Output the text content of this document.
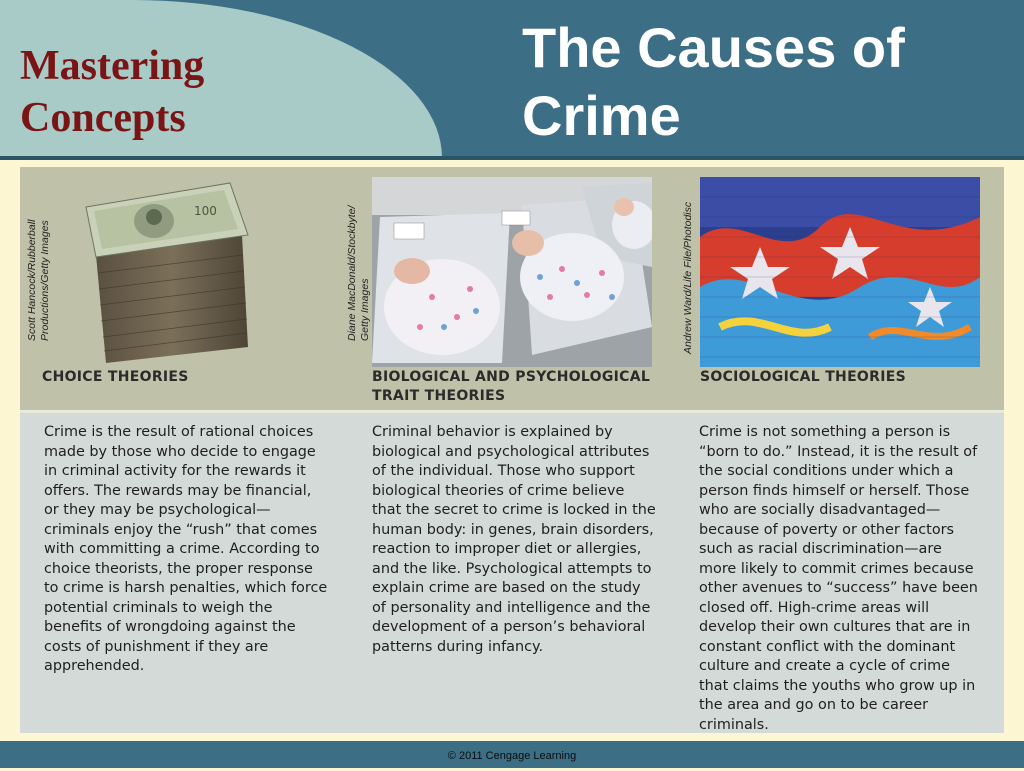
Mastering Concepts
The Causes of Crime
Scott Hancock/Rubberball
Productions/Getty Images
100
CHOICE THEORIES
Diane MacDonald/Stockbyte/
Getty Images
BIOLOGICAL AND PSYCHOLOGICAL
TRAIT THEORIES
Andrew Ward/Life File/Photodisc
SOCIOLOGICAL THEORIES
Crime is the result of rational choices made by those who decide to engage in criminal activity for the rewards it offers. The rewards may be financial, or they may be psychological—criminals enjoy the “rush” that comes with committing a crime. According to choice theorists, the proper response to crime is harsh penalties, which force potential criminals to weigh the benefits of wrongdoing against the costs of punishment if they are apprehended.
Criminal behavior is explained by biological and psychological attributes of the individual. Those who support biological theories of crime believe that the secret to crime is locked in the human body: in genes, brain disorders, reaction to improper diet or allergies, and the like. Psychological attempts to explain crime are based on the study of personality and intelligence and the development of a person’s behavioral patterns during infancy.
Crime is not something a person is “born to do.” Instead, it is the result of the social conditions under which a person finds himself or herself. Those who are socially disadvantaged—because of poverty or other factors such as racial discrimination—are more likely to commit crimes because other avenues to “success” have been closed off. High-crime areas will develop their own cultures that are in constant conflict with the dominant culture and create a cycle of crime that claims the youths who grow up in the area and go on to be career criminals.
© 2011 Cengage Learning
